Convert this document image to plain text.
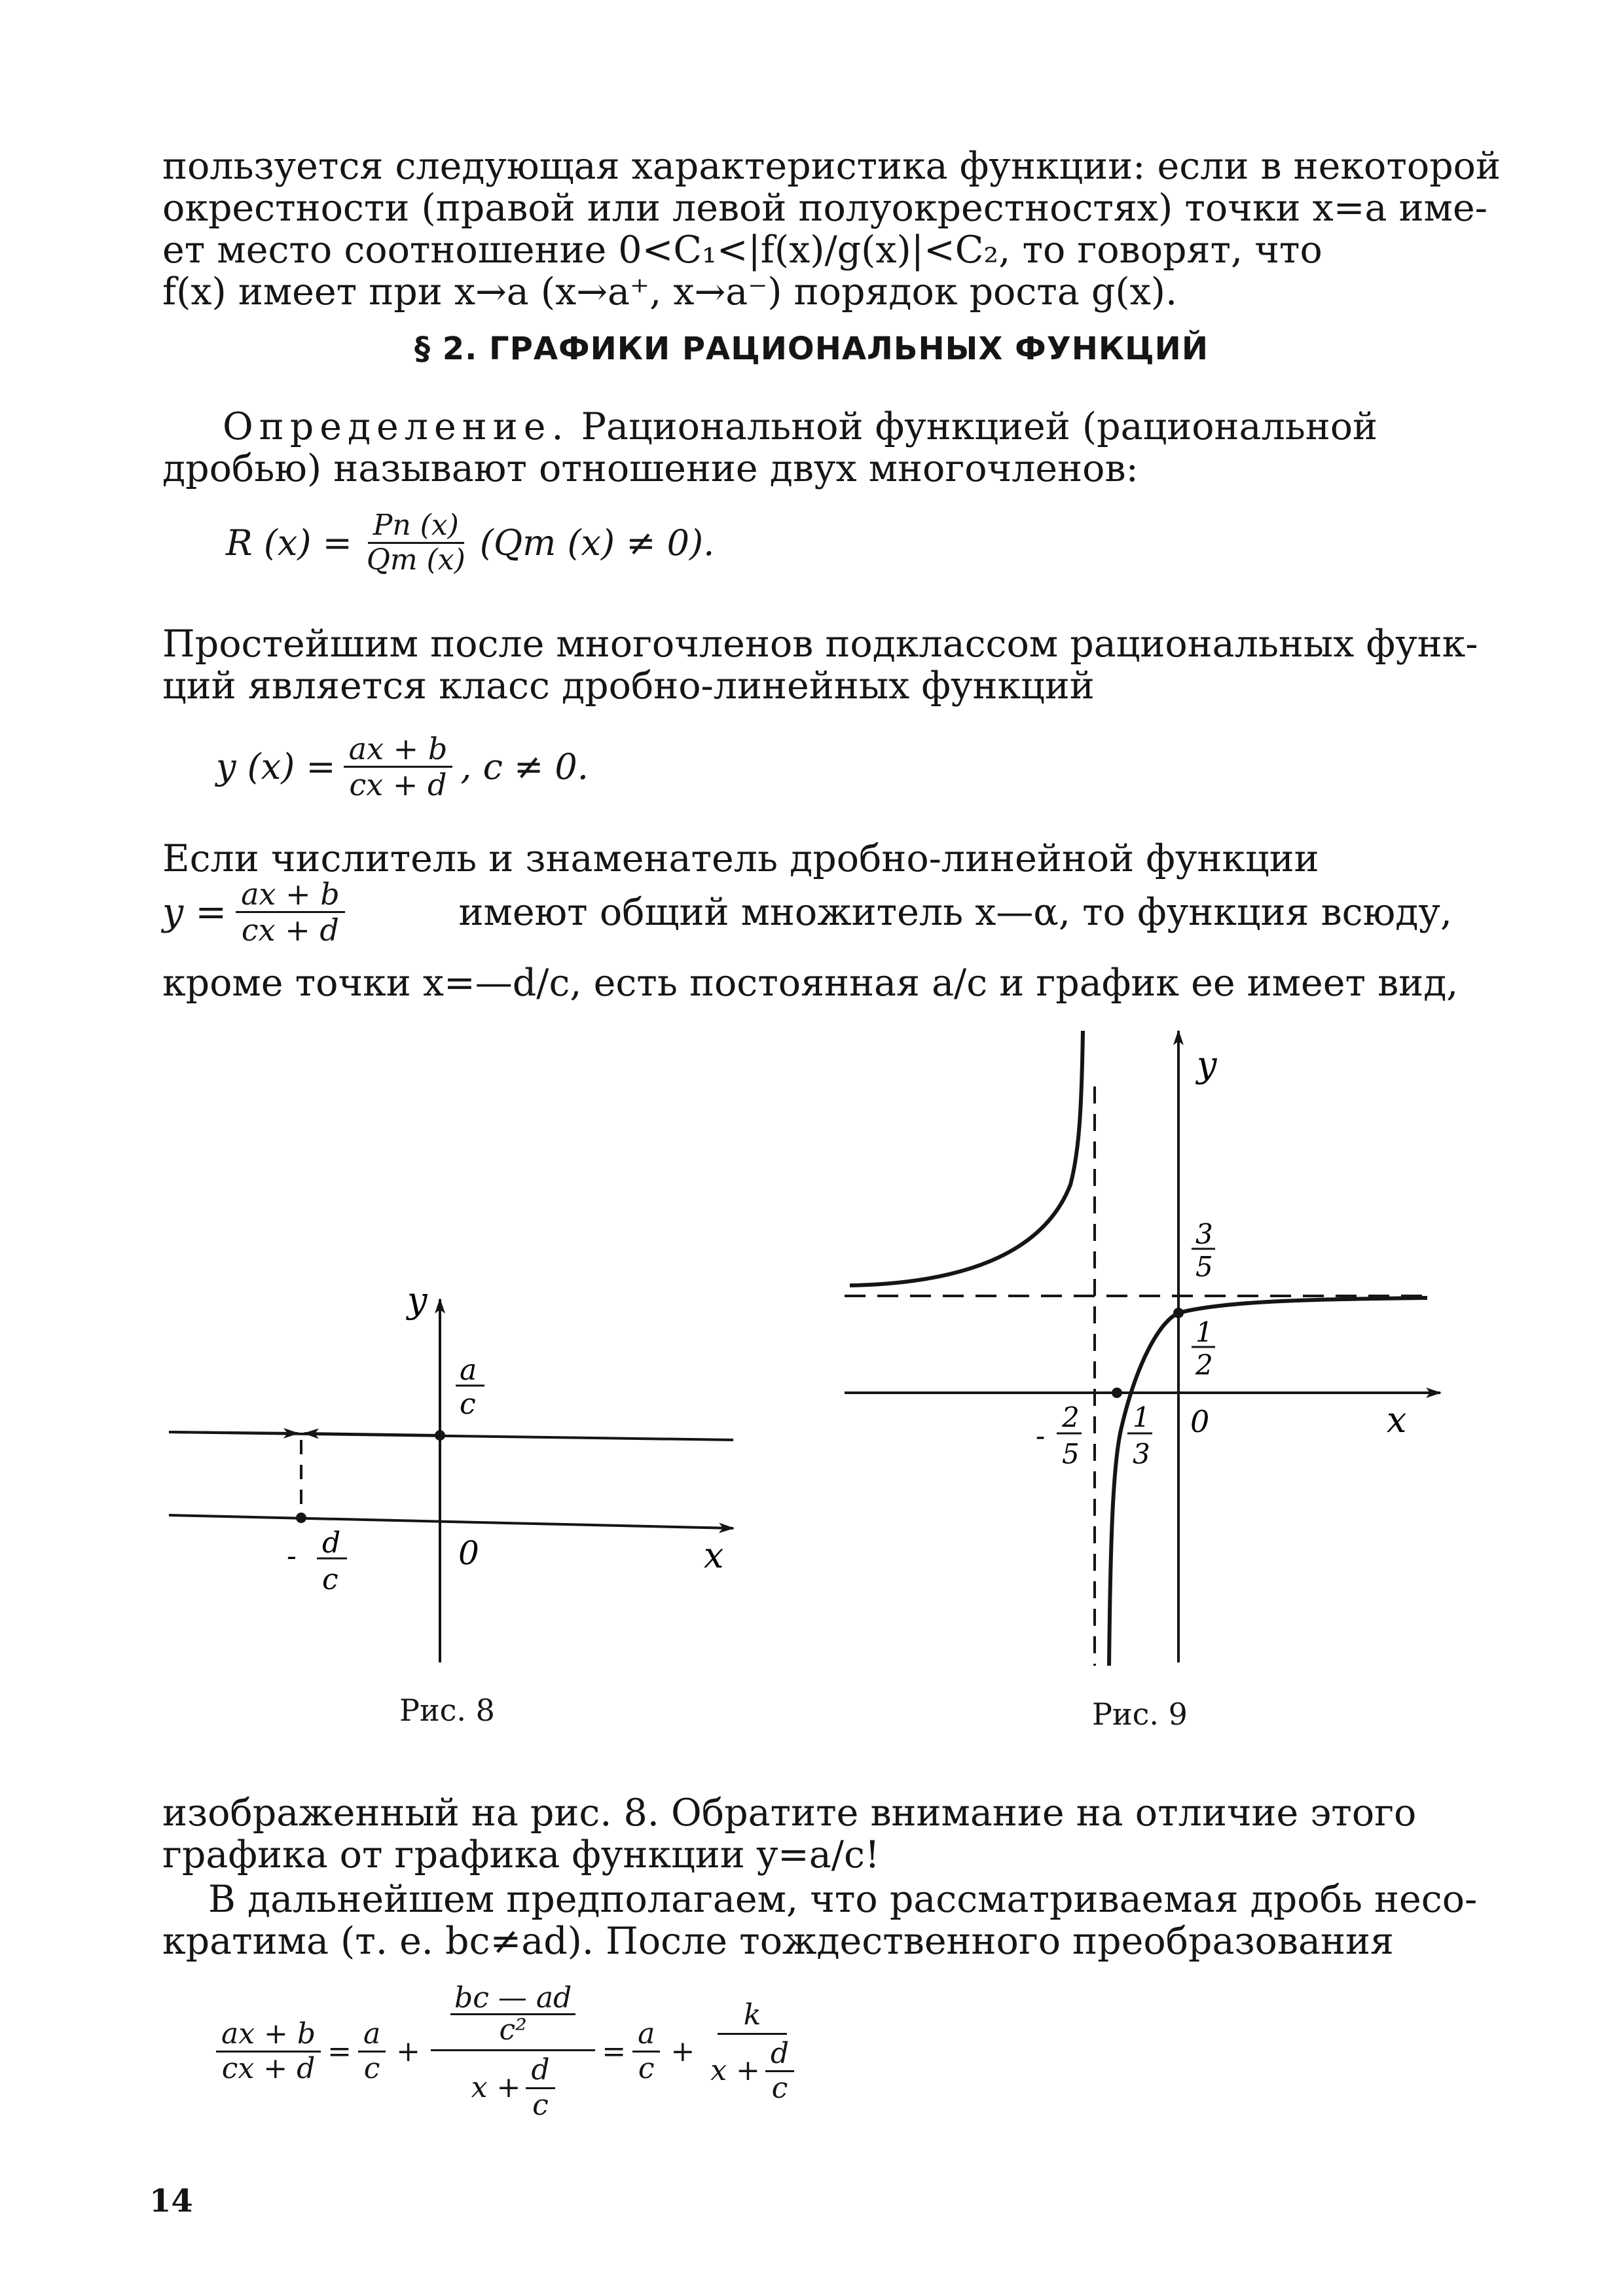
пользуется следующая характеристика функции: если в некоторой
окрестности (правой или левой полуокрестностях) точки x=a име-
ет место соотношение 0<C₁<|f(x)/g(x)|<C₂, то говорят, что
f(x) имеет при x→a (x→a⁺, x→a⁻) порядок роста g(x).
§ 2. ГРАФИКИ РАЦИОНАЛЬНЫХ ФУНКЦИЙ
Определение. Рациональной функцией (рациональной
дробью) называют отношение двух многочленов:
R $(x) = \frac{Pn (x)}{Qm (x)} (Qm$ (x) ≠ 0).
Простейшим после многочленов подклассом рациональных функ-
ций является класс дробно-линейных функций
y $(x) = \frac{ax + b}{cx + d}$ , c ≠ 0.
Если числитель и знаменатель дробно-линейной функции
$y = \frac{ax + b}{cx + d}$	имеют общий множитель x—α, то функция всюду,
кроме точки x=—d/c, есть постоянная a/c и график ее имеет вид,
y
x
0
a
c
- d
c
y
x
0
3
5
1
2
-
2
5
1
3
Рис. 8	Рис. 9
изображенный на рис. 8. Обратите внимание на отличие этого
графика от графика функции y=a/c!
В дальнейшем предполагаем, что рассматриваемая дробь несо-
кратима (т. е. bc≠ad). После тождественного преобразования
$\frac{ax + b}{cx + d} = \frac{a}{c}$ + bc — ad
c²
$x + \frac{d}{c} = \frac{a}{c} + \frac{k}{x + \frac{d}{c}}$
14
